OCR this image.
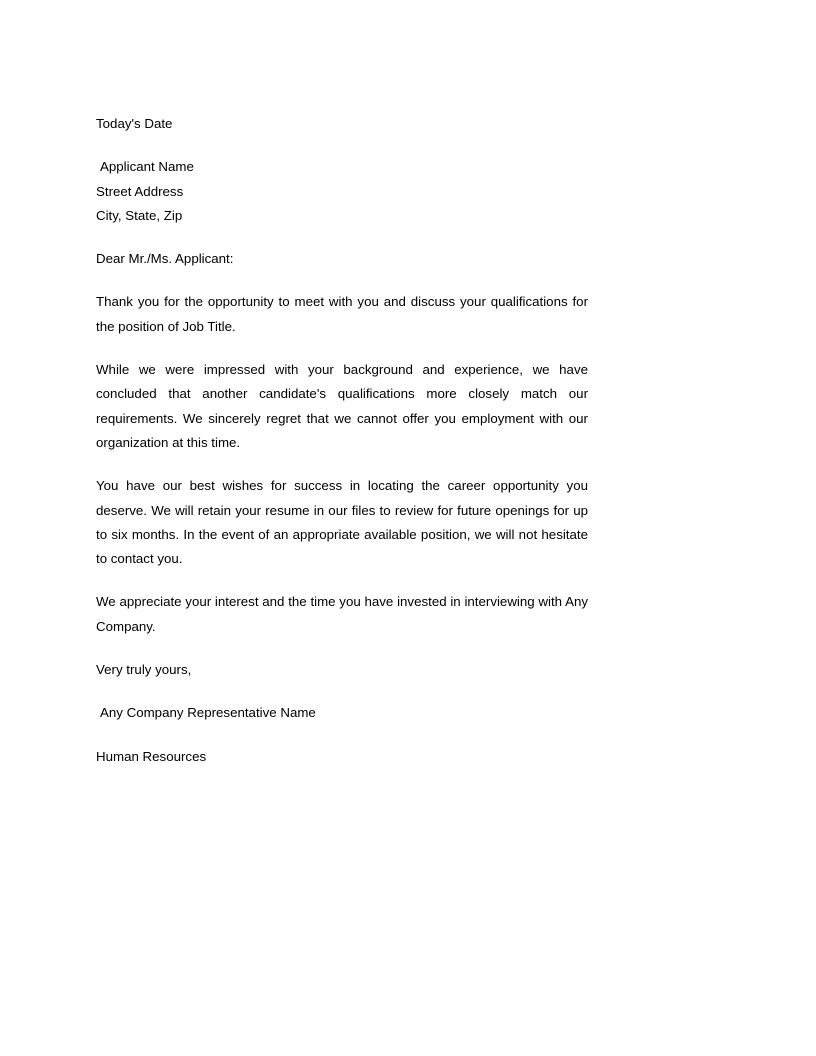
Today's Date

Applicant Name
Street Address
City, State, Zip

Dear Mr./Ms. Applicant:

Thank you for the opportunity to meet with you and discuss your qualifications for the position of Job Title.

While we were impressed with your background and experience, we have concluded that another candidate's qualifications more closely match our requirements. We sincerely regret that we cannot offer you employment with our organization at this time.

You have our best wishes for success in locating the career opportunity you deserve. We will retain your resume in our files to review for future openings for up to six months. In the event of an appropriate available position, we will not hesitate to contact you.

We appreciate your interest and the time you have invested in interviewing with Any Company.

Very truly yours,

Any Company Representative Name

Human Resources
